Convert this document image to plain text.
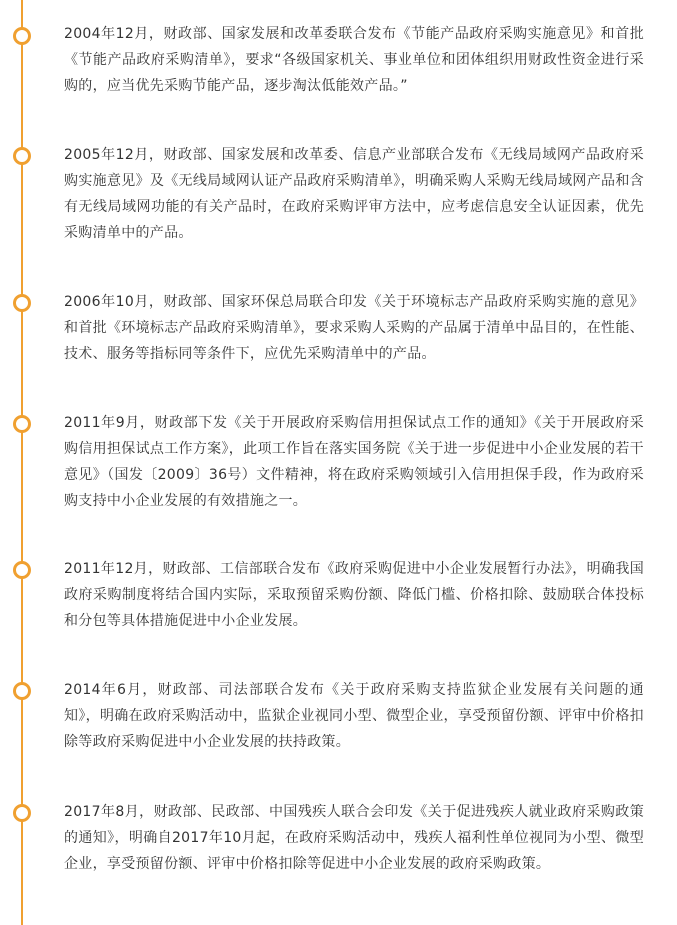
2004年12月，财政部、国家发展和改革委联合发布《节能产品政府采购实施意见》和首批《节能产品政府采购清单》，要求“各级国家机关、事业单位和团体组织用财政性资金进行采购的，应当优先采购节能产品，逐步淘汰低能效产品。”

2005年12月，财政部、国家发展和改革委、信息产业部联合发布《无线局域网产品政府采购实施意见》及《无线局域网认证产品政府采购清单》，明确采购人采购无线局域网产品和含有无线局域网功能的有关产品时，在政府采购评审方法中，应考虑信息安全认证因素，优先采购清单中的产品。

2006年10月，财政部、国家环保总局联合印发《关于环境标志产品政府采购实施的意见》和首批《环境标志产品政府采购清单》，要求采购人采购的产品属于清单中品目的，在性能、技术、服务等指标同等条件下，应优先采购清单中的产品。

2011年9月，财政部下发《关于开展政府采购信用担保试点工作的通知》《关于开展政府采购信用担保试点工作方案》，此项工作旨在落实国务院《关于进一步促进中小企业发展的若干意见》（国发〔2009〕36号）文件精神，将在政府采购领域引入信用担保手段，作为政府采购支持中小企业发展的有效措施之一。

2011年12月，财政部、工信部联合发布《政府采购促进中小企业发展暂行办法》，明确我国政府采购制度将结合国内实际，采取预留采购份额、降低门槛、价格扣除、鼓励联合体投标和分包等具体措施促进中小企业发展。

2014年6月，财政部、司法部联合发布《关于政府采购支持监狱企业发展有关问题的通知》，明确在政府采购活动中，监狱企业视同小型、微型企业，享受预留份额、评审中价格扣除等政府采购促进中小企业发展的扶持政策。

2017年8月，财政部、民政部、中国残疾人联合会印发《关于促进残疾人就业政府采购政策的通知》，明确自2017年10月起，在政府采购活动中，残疾人福利性单位视同为小型、微型企业，享受预留份额、评审中价格扣除等促进中小企业发展的政府采购政策。
